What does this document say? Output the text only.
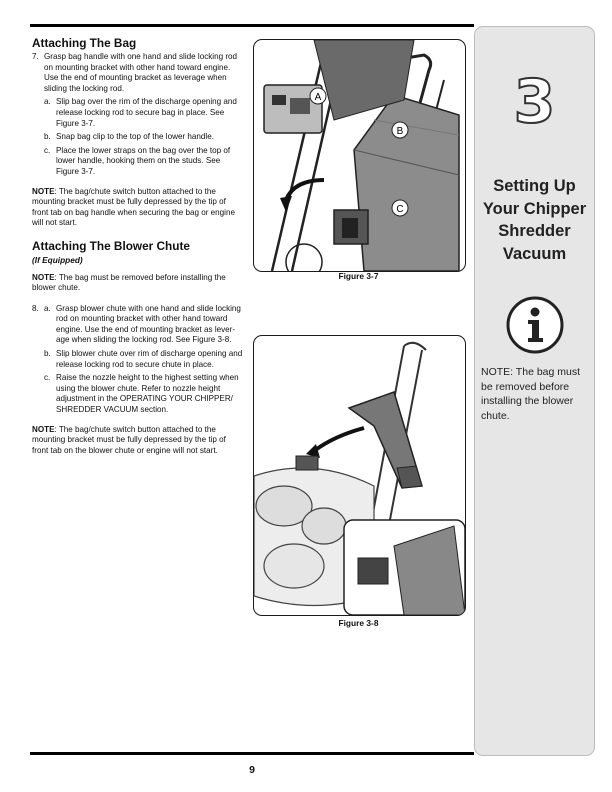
Attaching The Bag
7. Grasp bag handle with one hand and slide locking rod on mounting bracket with other hand toward engine. Use the end of mounting bracket as leverage when sliding the locking rod.
a. Slip bag over the rim of the discharge opening and release locking rod to secure bag in place. See Figure 3-7.
b. Snap bag clip to the top of the lower handle.
c. Place the lower straps on the bag over the top of lower handle, hooking them on the studs. See Figure 3-7.
NOTE: The bag/chute switch button attached to the mounting bracket must be fully depressed by the tip of front tab on bag handle when securing the bag or engine will not start.
Attaching The Blower Chute
(If Equipped)
NOTE: The bag must be removed before installing the blower chute.
8. a. Grasp blower chute with one hand and slide locking rod on mounting bracket with other hand toward engine. Use the end of mounting bracket as lever-age when sliding the locking rod. See Figure 3-8.
b. Slip blower chute over rim of discharge opening and release locking rod to secure chute in place.
c. Raise the nozzle height to the highest setting when using the blower chute. Refer to nozzle height adjustment in the OPERATING YOUR CHIPPER/ SHREDDER VACUUM section.
NOTE: The bag/chute switch button attached to the mounting bracket must be fully depressed by the tip of front tab on the blower chute or engine will not start.
A
B
C
Figure 3-7
Figure 3-8
3
Setting Up Your Chipper Shredder Vacuum
NOTE: The bag must be removed before installing the blower chute.
9
